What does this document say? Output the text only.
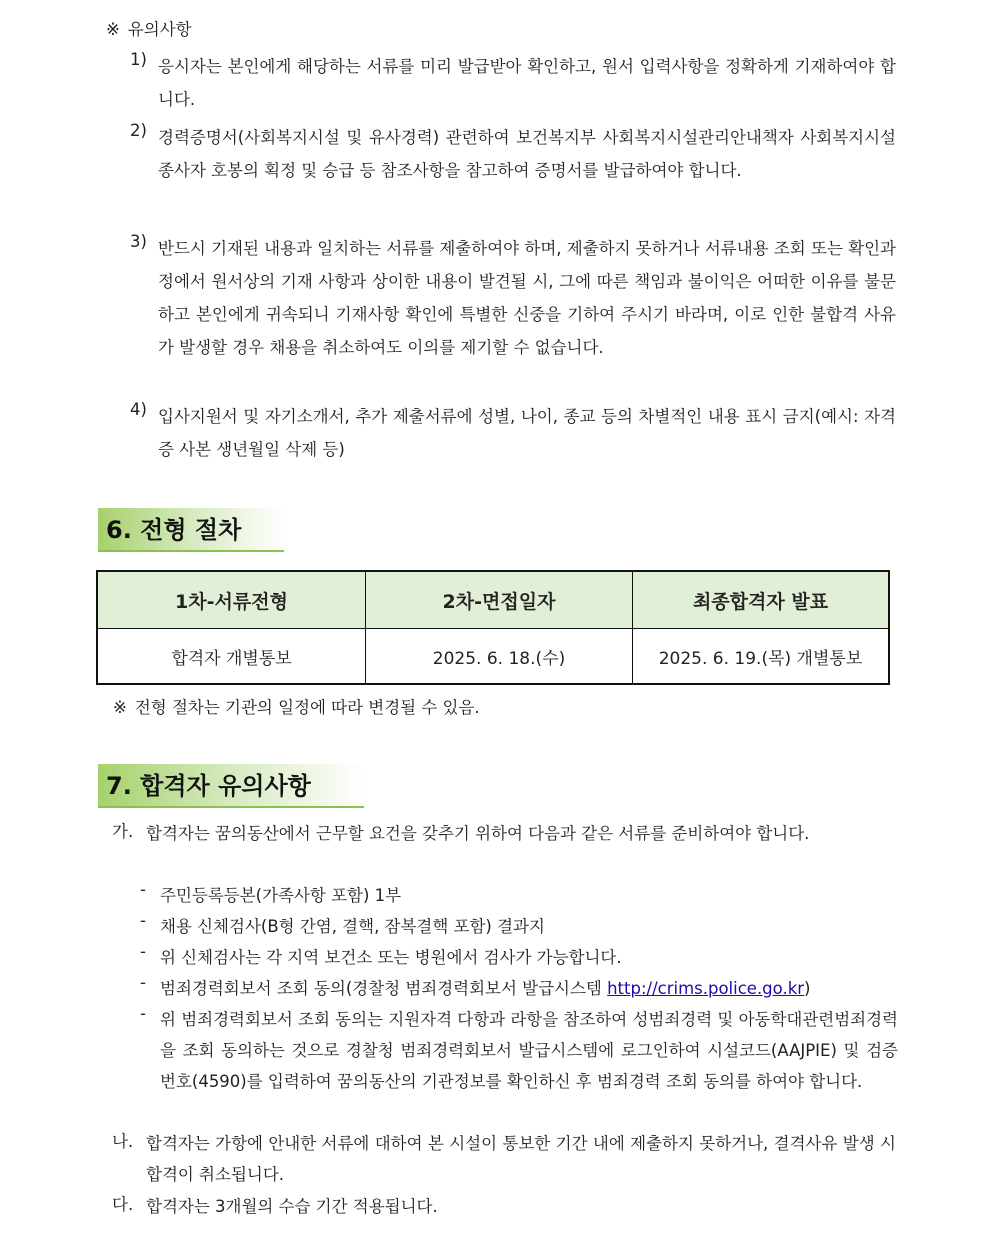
※ 유의사항
1) 응시자는 본인에게 해당하는 서류를 미리 발급받아 확인하고, 원서 입력사항을 정확하게 기재하여야 합니다.
2) 경력증명서(사회복지시설 및 유사경력) 관련하여 보건복지부 사회복지시설관리안내책자 사회복지시설 종사자 호봉의 획정 및 승급 등 참조사항을 참고하여 증명서를 발급하여야 합니다.
3) 반드시 기재된 내용과 일치하는 서류를 제출하여야 하며, 제출하지 못하거나 서류내용 조회 또는 확인과정에서 원서상의 기재 사항과 상이한 내용이 발견될 시, 그에 따른 책임과 불이익은 어떠한 이유를 불문하고 본인에게 귀속되니 기재사항 확인에 특별한 신중을 기하여 주시기 바라며, 이로 인한 불합격 사유가 발생할 경우 채용을 취소하여도 이의를 제기할 수 없습니다.
4) 입사지원서 및 자기소개서, 추가 제출서류에 성별, 나이, 종교 등의 차별적인 내용 표시 금지(예시: 자격증 사본 생년월일 삭제 등)
6. 전형 절차
1차-서류전형	2차-면접일자	최종합격자 발표
합격자 개별통보	2025. 6. 18.(수)	2025. 6. 19.(목) 개별통보
※ 전형 절차는 기관의 일정에 따라 변경될 수 있음.
7. 합격자 유의사항
가. 합격자는 꿈의동산에서 근무할 요건을 갖추기 위하여 다음과 같은 서류를 준비하여야 합니다.
- 주민등록등본(가족사항 포함) 1부
- 채용 신체검사(B형 간염, 결핵, 잠복결핵 포함) 결과지
- 위 신체검사는 각 지역 보건소 또는 병원에서 검사가 가능합니다.
- 범죄경력회보서 조회 동의(경찰청 범죄경력회보서 발급시스템 http://crims.police.go.kr)
- 위 범죄경력회보서 조회 동의는 지원자격 다항과 라항을 참조하여 성범죄경력 및 아동학대관련범죄경력을 조회 동의하는 것으로 경찰청 범죄경력회보서 발급시스템에 로그인하여 시설코드(AAJPIE) 및 검증번호(4590)를 입력하여 꿈의동산의 기관정보를 확인하신 후 범죄경력 조회 동의를 하여야 합니다.
나. 합격자는 가항에 안내한 서류에 대하여 본 시설이 통보한 기간 내에 제출하지 못하거나, 결격사유 발생 시 합격이 취소됩니다.
다. 합격자는 3개월의 수습 기간 적용됩니다.
